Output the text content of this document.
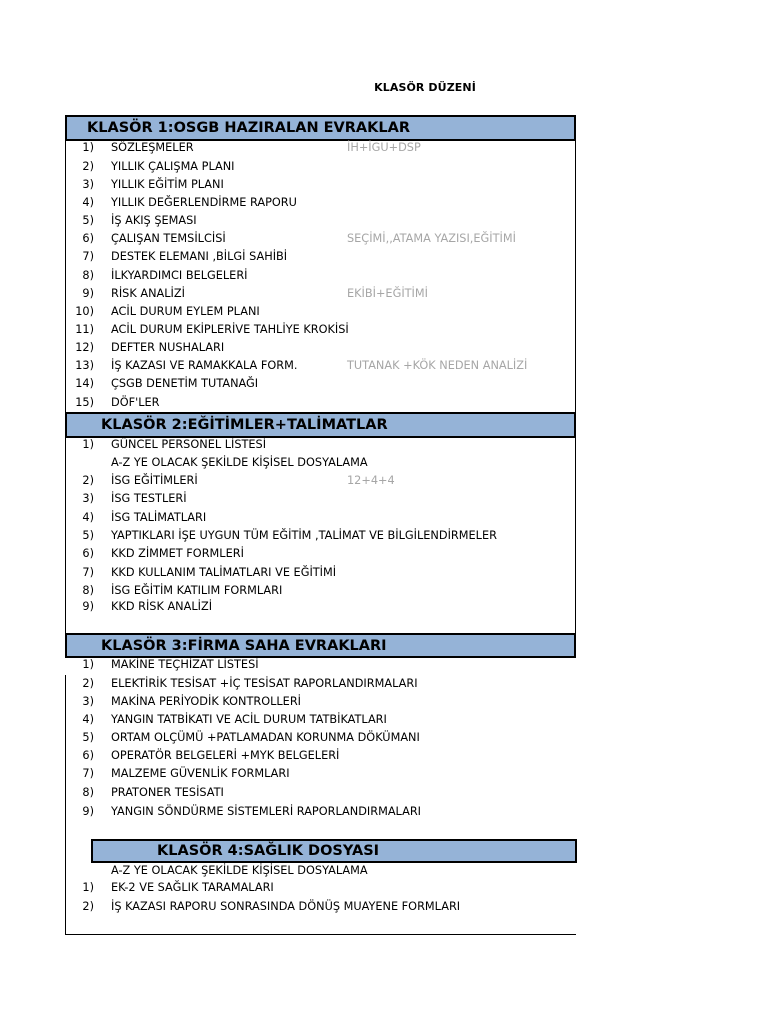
KLASÖR DÜZENİ
KLASÖR 1:OSGB HAZIRALAN EVRAKLAR
1) SÖZLEŞMELER	İH+İGU+DSP
2) YILLIK ÇALIŞMA PLANI
3) YILLIK EĞİTİM PLANI
4) YILLIK DEĞERLENDİRME RAPORU
5) İŞ AKIŞ ŞEMASI
6) ÇALIŞAN TEMSİLCİSİ	SEÇİMİ,,ATAMA YAZISI,EĞİTİMİ
7) DESTEK ELEMANI ,BİLGİ SAHİBİ
8) İLKYARDIMCI BELGELERİ
9) RİSK ANALİZİ	EKİBİ+EĞİTİMİ
10) ACİL DURUM EYLEM PLANI
11) ACİL DURUM EKİPLERİVE TAHLİYE KROKİSİ
12) DEFTER NUSHALARI
13) İŞ KAZASI VE RAMAKKALA FORM.	TUTANAK +KÖK NEDEN ANALİZİ
14) ÇSGB DENETİM TUTANAĞI
15) DÖF'LER
KLASÖR 2:EĞİTİMLER+TALİMATLAR
1) GÜNCEL PERSONEL LİSTESİ
A-Z YE OLACAK ŞEKİLDE KİŞİSEL DOSYALAMA
2) İSG EĞİTİMLERİ	12+4+4
3) İSG TESTLERİ
4) İSG TALİMATLARI
5) YAPTIKLARI İŞE UYGUN TÜM EĞİTİM ,TALİMAT VE BİLGİLENDİRMELER
6) KKD ZİMMET FORMLERİ
7) KKD KULLANIM TALİMATLARI VE EĞİTİMİ
8) İSG EĞİTİM KATILIM FORMLARI
9) KKD RİSK ANALİZİ
KLASÖR 3:FİRMA SAHA EVRAKLARI
1) MAKİNE TEÇHİZAT LİSTESİ
2) ELEKTİRİK TESİSAT +İÇ TESİSAT RAPORLANDIRMALARI
3) MAKİNA PERİYODİK KONTROLLERİ
4) YANGIN TATBİKATI VE ACİL DURUM TATBİKATLARI
5) ORTAM OLÇÜMÜ +PATLAMADAN KORUNMA DÖKÜMANI
6) OPERATÖR BELGELERİ +MYK BELGELERİ
7) MALZEME GÜVENLİK FORMLARI
8) PRATONER TESİSATI
9) YANGIN SÖNDÜRME SİSTEMLERİ RAPORLANDIRMALARI
KLASÖR 4:SAĞLIK DOSYASI
A-Z YE OLACAK ŞEKİLDE KİŞİSEL DOSYALAMA
1) EK-2 VE SAĞLIK TARAMALARI
2) İŞ KAZASI RAPORU SONRASINDA DÖNÜŞ MUAYENE FORMLARI
